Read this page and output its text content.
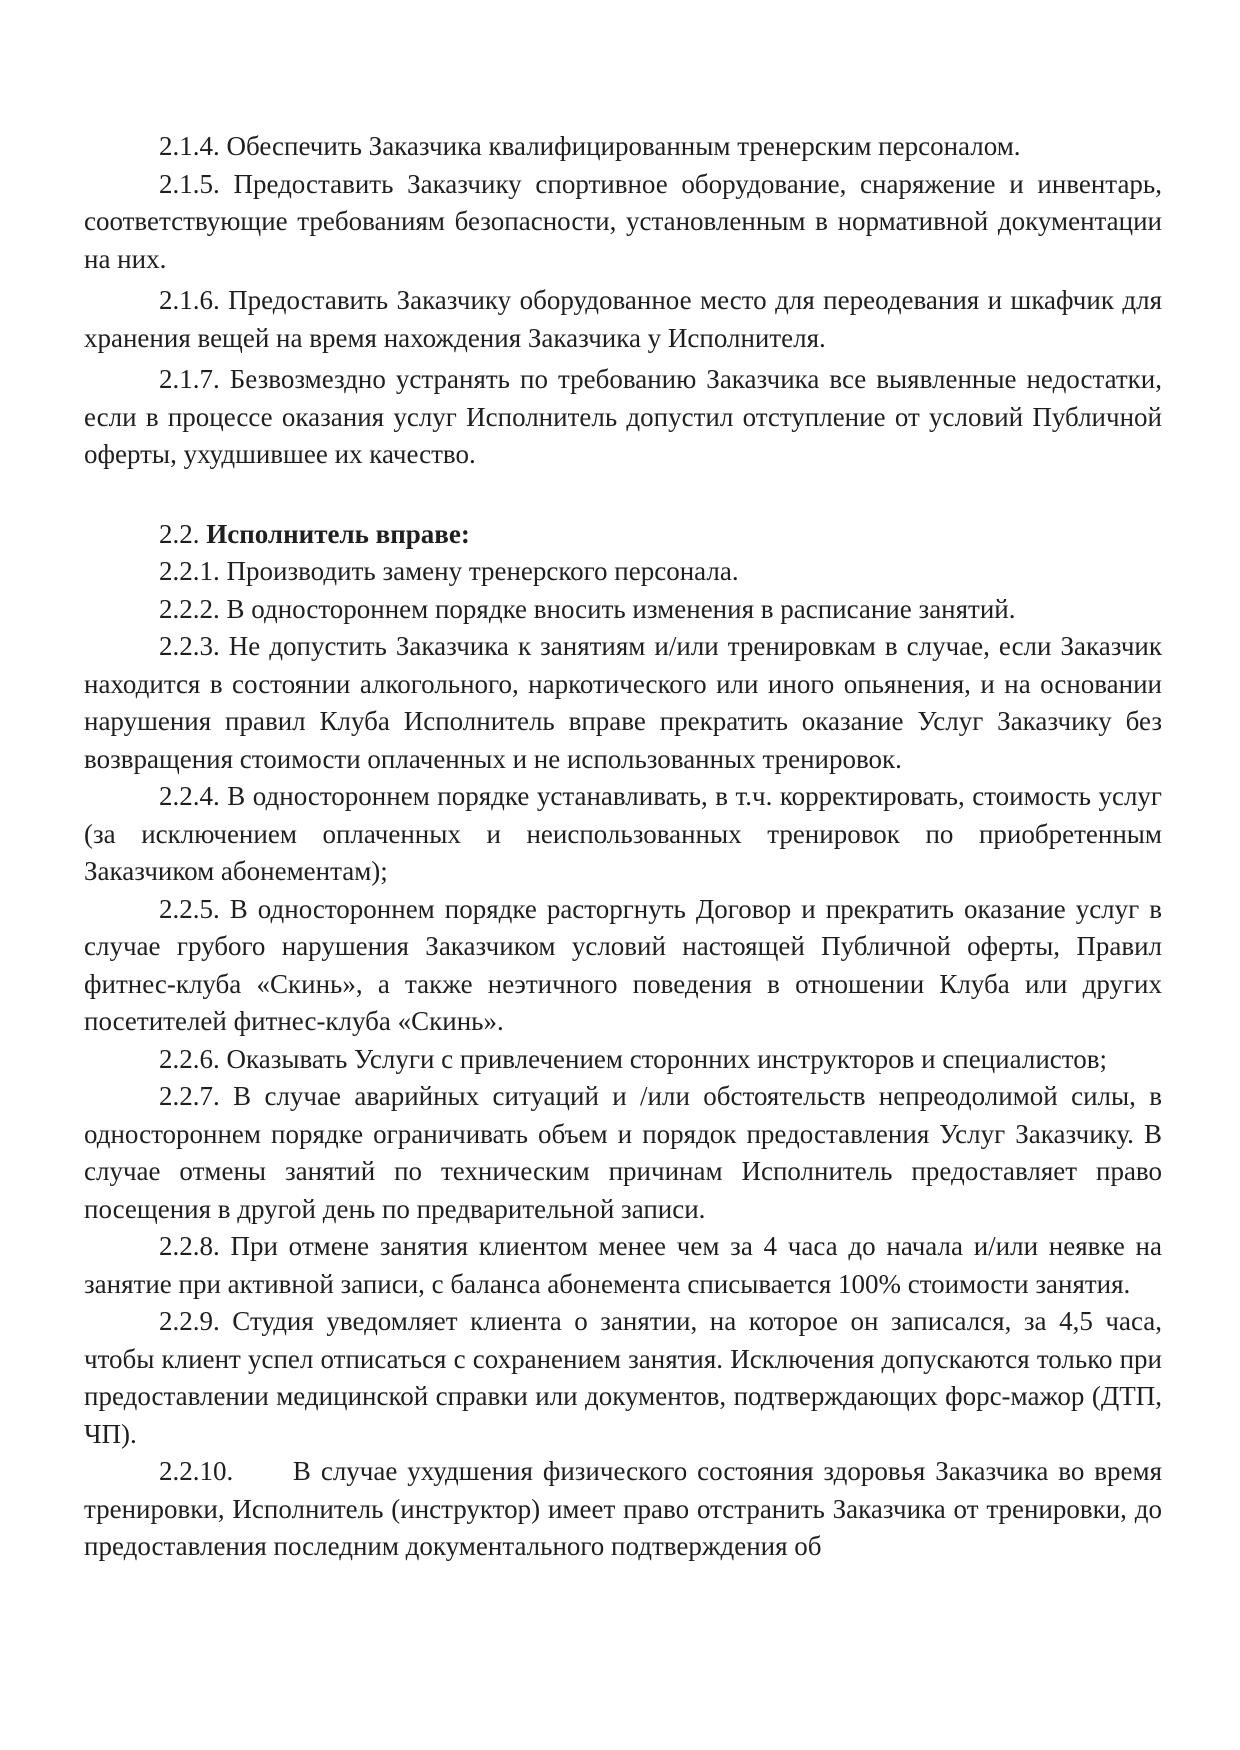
2.1.4. Обеспечить Заказчика квалифицированным тренерским персоналом.

2.1.5. Предоставить Заказчику спортивное оборудование, снаряжение и инвентарь, соответствующие требованиям безопасности, установленным в нормативной документации на них.

2.1.6. Предоставить Заказчику оборудованное место для переодевания и шкафчик для хранения вещей на время нахождения Заказчика у Исполнителя.

2.1.7. Безвозмездно устранять по требованию Заказчика все выявленные недостатки, если в процессе оказания услуг Исполнитель допустил отступление от условий Публичной оферты, ухудшившее их качество.

2.2. Исполнитель вправе:

2.2.1. Производить замену тренерского персонала.

2.2.2. В одностороннем порядке вносить изменения в расписание занятий.

2.2.3. Не допустить Заказчика к занятиям и/или тренировкам в случае, если Заказчик находится в состоянии алкогольного, наркотического или иного опьянения, и на основании нарушения правил Клуба Исполнитель вправе прекратить оказание Услуг Заказчику без возвращения стоимости оплаченных и не использованных тренировок.

2.2.4. В одностороннем порядке устанавливать, в т.ч. корректировать, стоимость услуг (за исключением оплаченных и неиспользованных тренировок по приобретенным Заказчиком абонементам);

2.2.5. В одностороннем порядке расторгнуть Договор и прекратить оказание услуг в случае грубого нарушения Заказчиком условий настоящей Публичной оферты, Правил фитнес-клуба «Скинь», а также неэтичного поведения в отношении Клуба или других посетителей фитнес-клуба «Скинь».

2.2.6. Оказывать Услуги с привлечением сторонних инструкторов и специалистов;

2.2.7. В случае аварийных ситуаций и /или обстоятельств непреодолимой силы, в одностороннем порядке ограничивать объем и порядок предоставления Услуг Заказчику. В случае отмены занятий по техническим причинам Исполнитель предоставляет право посещения в другой день по предварительной записи.

2.2.8. При отмене занятия клиентом менее чем за 4 часа до начала и/или неявке на занятие при активной записи, с баланса абонемента списывается 100% стоимости занятия.

2.2.9. Студия уведомляет клиента о занятии, на которое он записался, за 4,5 часа, чтобы клиент успел отписаться с сохранением занятия. Исключения допускаются только при предоставлении медицинской справки или документов, подтверждающих форс-мажор (ДТП, ЧП).

2.2.10.      В случае ухудшения физического состояния здоровья Заказчика во время тренировки, Исполнитель (инструктор) имеет право отстранить Заказчика от тренировки, до предоставления последним документального подтверждения об
